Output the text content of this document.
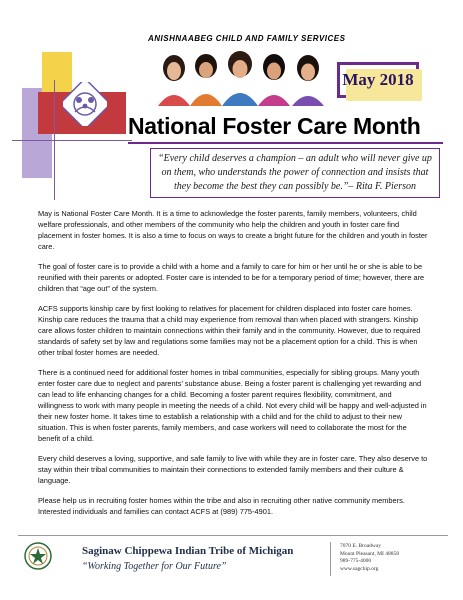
ANISHNAABEG CHILD AND FAMILY SERVICES
May 2018
National Foster Care Month
“Every child deserves a champion – an adult who will never give up
on them, who understands the power of connection and insists that
they become the best they can possibly be.”– Rita F. Pierson

May is National Foster Care Month. It is a time to acknowledge the foster parents, family members, volunteers, child welfare professionals, and other members of the community who help the children and youth in foster care find placement in foster homes. It is also a time to focus on ways to create a bright future for the children and youth in foster care.

The goal of foster care is to provide a child with a home and a family to care for him or her until he or she is able to be reunified with their parents or adopted. Foster care is intended to be for a temporary period of time; however, there are children that “age out” of the system.

ACFS supports kinship care by first looking to relatives for placement for children displaced into foster care homes. Kinship care reduces the trauma that a child may experience from removal than when placed with strangers. Kinship care allows foster children to maintain connections within their family and in the community. However, due to required standards of safety set by law and regulations some families may not be a placement option for a child. This is when other tribal foster homes are needed.

There is a continued need for additional foster homes in tribal communities, especially for sibling groups. Many youth enter foster care due to neglect and parents’ substance abuse. Being a foster parent is challenging yet rewarding and can lead to life enhancing changes for a child. Becoming a foster parent requires flexibility, commitment, and willingness to work with many people in meeting the needs of a child. Not every child will be happy and well-adjusted in their new foster home. It takes time to establish a relationship with a child and for the child to adjust to their new situation. This is when foster parents, family members, and case workers will need to collaborate the most for the benefit of a child.

Every child deserves a loving, supportive, and safe family to live with while they are in foster care. They also deserve to stay within their tribal communities to maintain their connections to extended family members and their culture & language.

Please help us in recruiting foster homes within the tribe and also in recruiting other native community members. Interested individuals and families can contact ACFS at (989) 775-4901.

Saginaw Chippewa Indian Tribe of Michigan
“Working Together for Our Future”
7070 E. Broadway
Mount Pleasant, MI 48858
989-775-4000
www.sagchip.org
